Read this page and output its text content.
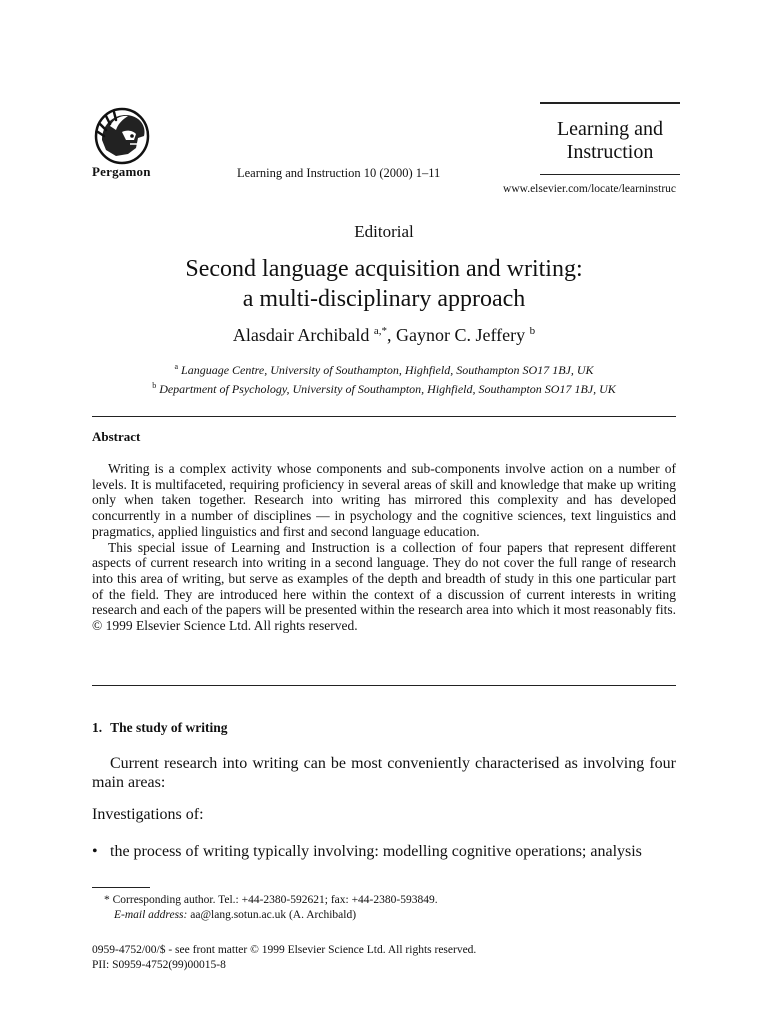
Pergamon	Learning and Instruction 10 (2000) 1–11
Learning and
Instruction
www.elsevier.com/locate/learninstruc
Editorial
Second language acquisition and writing:
a multi-disciplinary approach
Alasdair Archibald $^{a,*}$, Gaynor C. Jeffery $^b$
$^a$ Language Centre, University of Southampton, Highfield, Southampton SO17 1BJ, UK
$^b$ Department of Psychology, University of Southampton, Highfield, Southampton SO17 1BJ, UK
Abstract

Writing is a complex activity whose components and sub-components involve action on a number of levels. It is multifaceted, requiring proficiency in several areas of skill and knowledge that make up writing only when taken together. Research into writing has mirrored this complexity and has developed concurrently in a number of disciplines — in psychology and the cognitive sciences, text linguistics and pragmatics, applied linguistics and first and second language education.

This special issue of Learning and Instruction is a collection of four papers that represent different aspects of current research into writing in a second language. They do not cover the full range of research into this area of writing, but serve as examples of the depth and breadth of study in this one particular part of the field. They are introduced here within the context of a discussion of current interests in writing research and each of the papers will be presented within the research area into which it most reasonably fits. © 1999 Elsevier Science Ltd. All rights reserved.

1. The study of writing

Current research into writing can be most conveniently characterised as involving four main areas:

Investigations of:
• the process of writing typically involving: modelling cognitive operations; analysis
* Corresponding author. Tel.: +44-2380-592621; fax: +44-2380-593849.
E-mail address: aa@lang.sotun.ac.uk (A. Archibald)
0959-4752/00/$ - see front matter © 1999 Elsevier Science Ltd. All rights reserved.
PII: S0959-4752(99)00015-8
